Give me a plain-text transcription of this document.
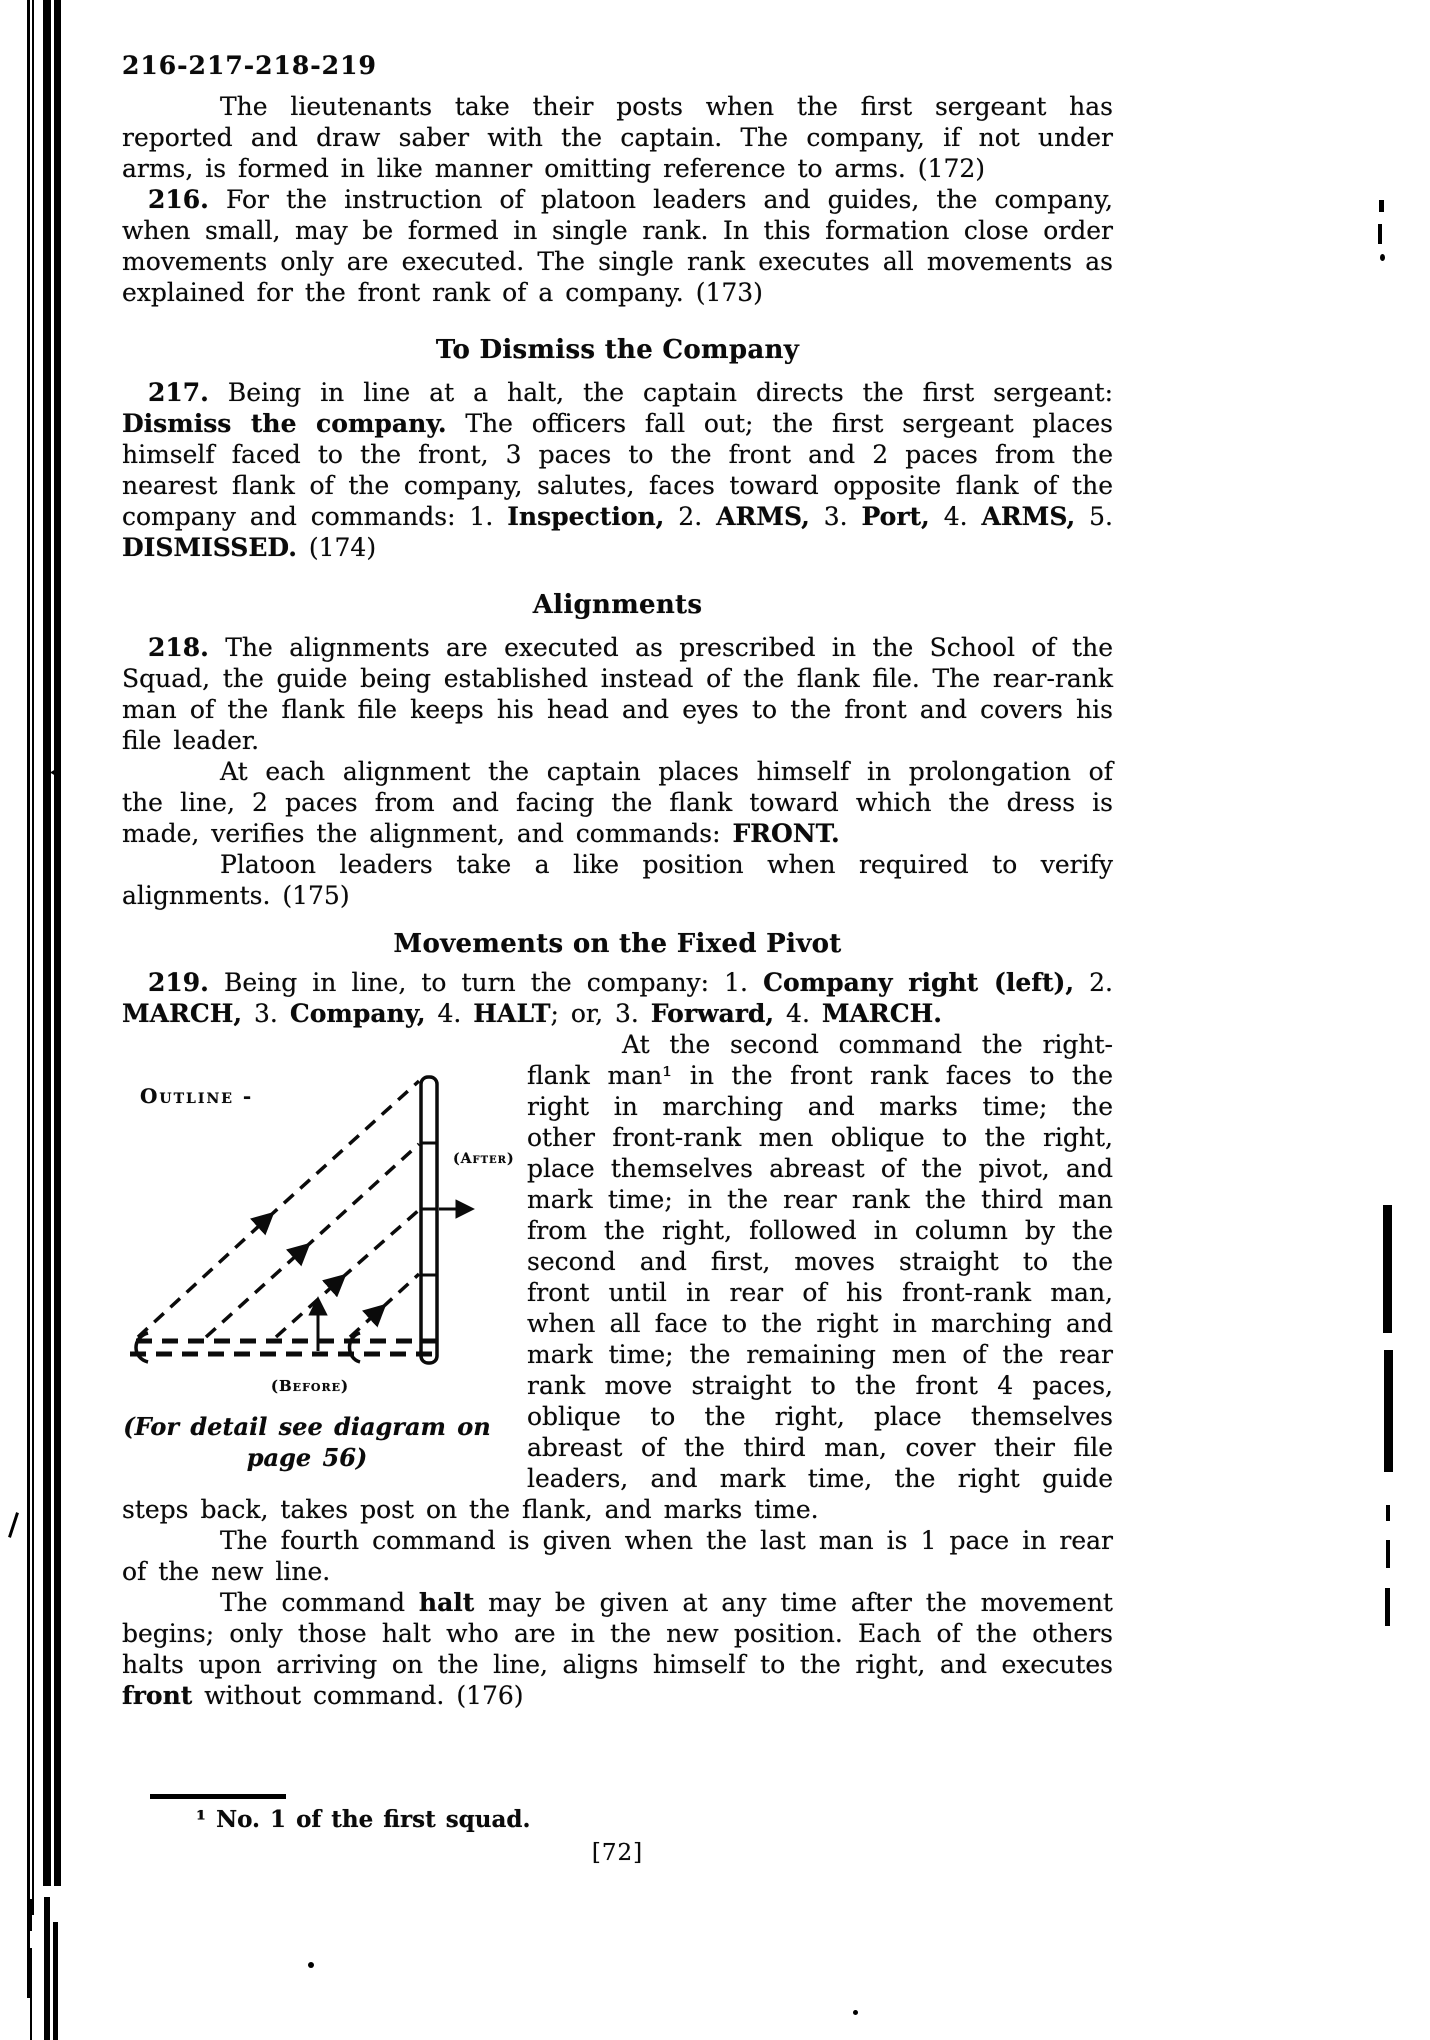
216-217-218-219

The lieutenants take their posts when the first sergeant has reported and draw saber with the captain. The company, if not under arms, is formed in like manner omitting reference to arms. (172)

216. For the instruction of platoon leaders and guides, the company, when small, may be formed in single rank. In this formation close order movements only are executed. The single rank executes all movements as explained for the front rank of a company. (173)

To Dismiss the Company

217. Being in line at a halt, the captain directs the first sergeant: Dismiss the company. The officers fall out; the first sergeant places himself faced to the front, 3 paces to the front and 2 paces from the nearest flank of the company, salutes, faces toward opposite flank of the company and commands: 1. Inspection, 2. ARMS, 3. Port, 4. ARMS, 5. DISMISSED. (174)

Alignments

218. The alignments are executed as prescribed in the School of the Squad, the guide being established instead of the flank file. The rear-rank man of the flank file keeps his head and eyes to the front and covers his file leader.

At each alignment the captain places himself in prolongation of the line, 2 paces from and facing the flank toward which the dress is made, verifies the alignment, and commands: FRONT.

Platoon leaders take a like position when required to verify alignments. (175)

Movements on the Fixed Pivot

219. Being in line, to turn the company: 1. Company right (left), 2. MARCH, 3. Company, 4. HALT; or, 3. Forward, 4. MARCH.

Outline -
(After)
(Before)
(For detail see diagram on
page 56)

At the second command the right-flank man¹ in the front rank faces to the right in marching and marks time; the other front-rank men oblique to the right, place themselves abreast of the pivot, and mark time; in the rear rank the third man from the right, followed in column by the second and first, moves straight to the front until in rear of his front-rank man, when all face to the right in marching and mark time; the remaining men of the rear rank move straight to the front 4 paces, oblique to the right, place themselves abreast of the third man, cover their file leaders, and mark time, the right guide steps back, takes post on the flank, and marks time.

The fourth command is given when the last man is 1 pace in rear of the new line.

The command halt may be given at any time after the movement begins; only those halt who are in the new position. Each of the others halts upon arriving on the line, aligns himself to the right, and executes front without command. (176)

¹ No. 1 of the first squad.

[72]
